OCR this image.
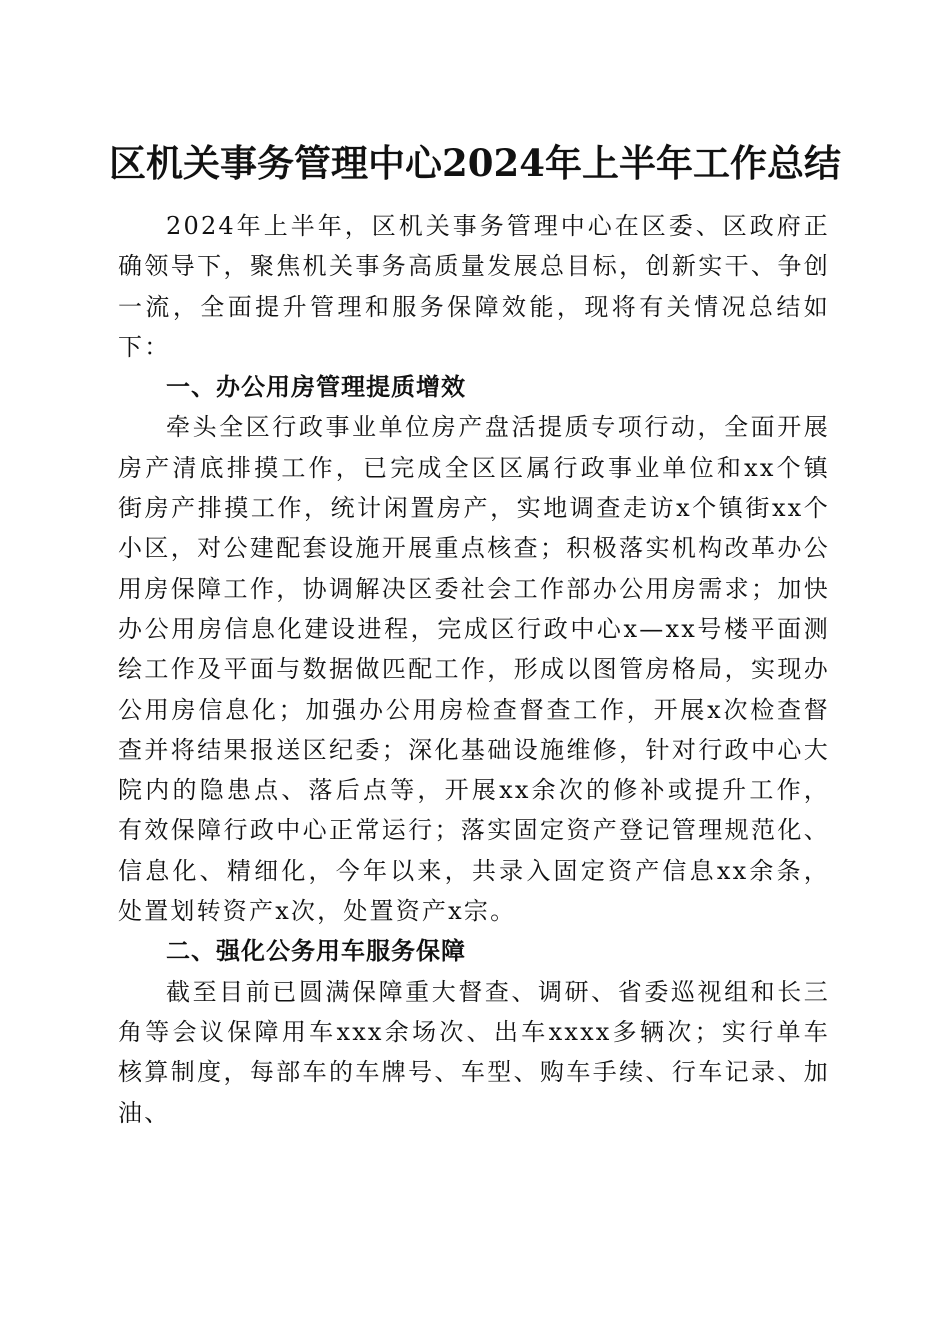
区机关事务管理中心2024年上半年工作总结

2024年上半年，区机关事务管理中心在区委、区政府正确领导下，聚焦机关事务高质量发展总目标，创新实干、争创一流，全面提升管理和服务保障效能，现将有关情况总结如下：

一、办公用房管理提质增效

牵头全区行政事业单位房产盘活提质专项行动，全面开展房产清底排摸工作，已完成全区区属行政事业单位和xx个镇街房产排摸工作，统计闲置房产，实地调查走访x个镇街xx个小区，对公建配套设施开展重点核查；积极落实机构改革办公用房保障工作，协调解决区委社会工作部办公用房需求；加快办公用房信息化建设进程，完成区行政中心x—xx号楼平面测绘工作及平面与数据做匹配工作，形成以图管房格局，实现办公用房信息化；加强办公用房检查督查工作，开展x次检查督查并将结果报送区纪委；深化基础设施维修，针对行政中心大院内的隐患点、落后点等，开展xx余次的修补或提升工作，有效保障行政中心正常运行；落实固定资产登记管理规范化、信息化、精细化，今年以来，共录入固定资产信息xx余条，处置划转资产x次，处置资产x宗。

二、强化公务用车服务保障

截至目前已圆满保障重大督查、调研、省委巡视组和长三角等会议保障用车xxx余场次、出车xxxx多辆次；实行单车核算制度，每部车的车牌号、车型、购车手续、行车记录、加油、
